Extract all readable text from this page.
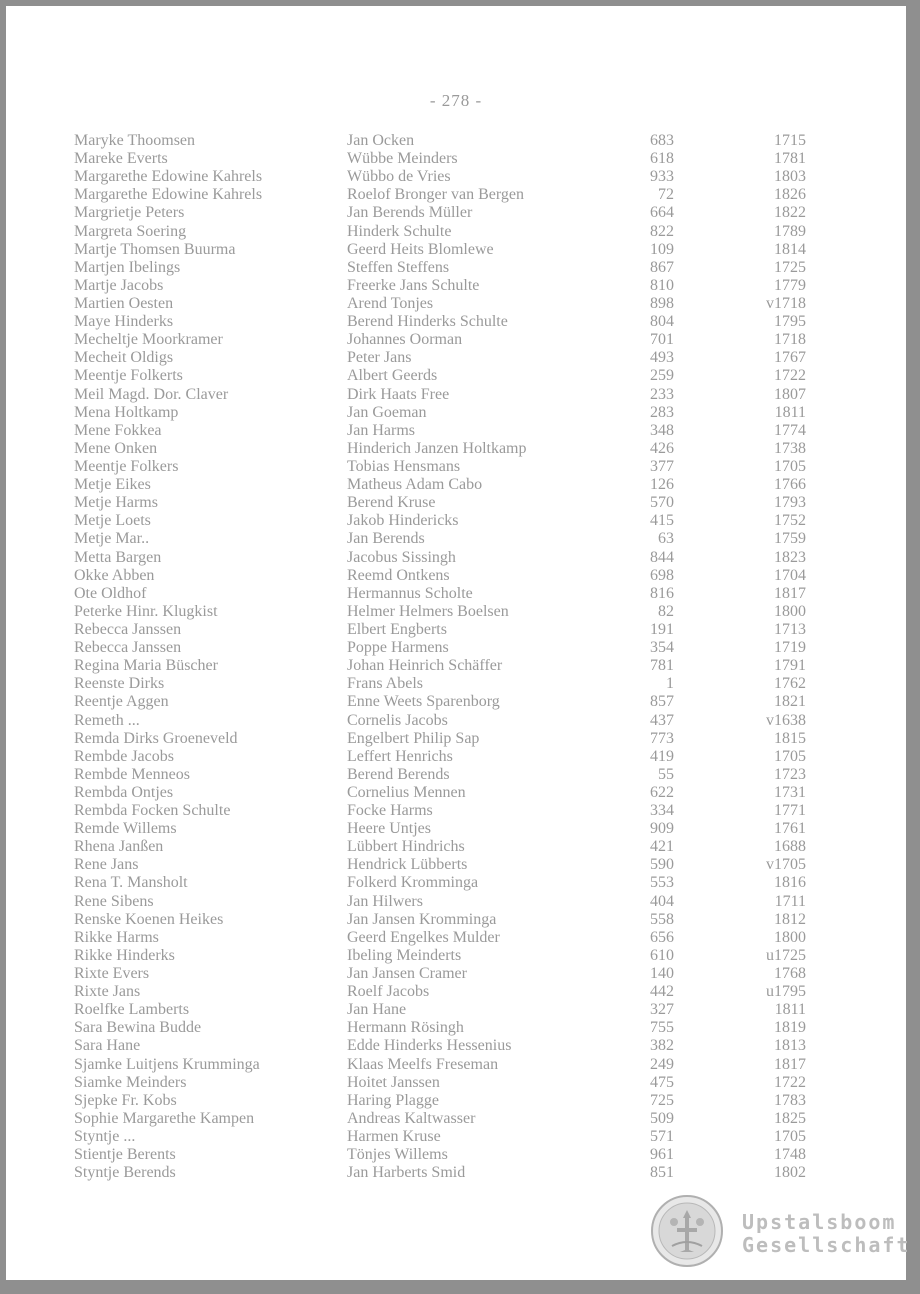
- 278 -
Maryke Thoomsen	Jan Ocken	683	1715
Mareke Everts	Wübbe Meinders	618	1781
Margarethe Edowine Kahrels	Wübbo de Vries	933	1803
Margarethe Edowine Kahrels	Roelof Bronger van Bergen	72	1826
Margrietje Peters	Jan Berends Müller	664	1822
Margreta Soering	Hinderk Schulte	822	1789
Martje Thomsen Buurma	Geerd Heits Blomlewe	109	1814
Martjen Ibelings	Steffen Steffens	867	1725
Martje Jacobs	Freerke Jans Schulte	810	1779
Martien Oesten	Arend Tonjes	898	v1718
Maye Hinderks	Berend Hinderks Schulte	804	1795
Mecheltje Moorkramer	Johannes Oorman	701	1718
Mecheit Oldigs	Peter Jans	493	1767
Meentje Folkerts	Albert Geerds	259	1722
Meil Magd. Dor. Claver	Dirk Haats Free	233	1807
Mena Holtkamp	Jan Goeman	283	1811
Mene Fokkea	Jan Harms	348	1774
Mene Onken	Hinderich Janzen Holtkamp	426	1738
Meentje Folkers	Tobias Hensmans	377	1705
Metje Eikes	Matheus Adam Cabo	126	1766
Metje Harms	Berend Kruse	570	1793
Metje Loets	Jakob Hindericks	415	1752
Metje Mar..	Jan Berends	63	1759
Metta Bargen	Jacobus Sissingh	844	1823
Okke Abben	Reemd Ontkens	698	1704
Ote Oldhof	Hermannus Scholte	816	1817
Peterke Hinr. Klugkist	Helmer Helmers Boelsen	82	1800
Rebecca Janssen	Elbert Engberts	191	1713
Rebecca Janssen	Poppe Harmens	354	1719
Regina Maria Büscher	Johan Heinrich Schäffer	781	1791
Reenste Dirks	Frans Abels	1	1762
Reentje Aggen	Enne Weets Sparenborg	857	1821
Remeth ...	Cornelis Jacobs	437	v1638
Remda Dirks Groeneveld	Engelbert Philip Sap	773	1815
Rembde Jacobs	Leffert Henrichs	419	1705
Rembde Menneos	Berend Berends	55	1723
Rembda Ontjes	Cornelius Mennen	622	1731
Rembda Focken Schulte	Focke Harms	334	1771
Remde Willems	Heere Untjes	909	1761
Rhena Janßen	Lübbert Hindrichs	421	1688
Rene Jans	Hendrick Lübberts	590	v1705
Rena T. Mansholt	Folkerd Kromminga	553	1816
Rene Sibens	Jan Hilwers	404	1711
Renske Koenen Heikes	Jan Jansen Kromminga	558	1812
Rikke Harms	Geerd Engelkes Mulder	656	1800
Rikke Hinderks	Ibeling Meinderts	610	u1725
Rixte Evers	Jan Jansen Cramer	140	1768
Rixte Jans	Roelf Jacobs	442	u1795
Roelfke Lamberts	Jan Hane	327	1811
Sara Bewina Budde	Hermann Rösingh	755	1819
Sara Hane	Edde Hinderks Hessenius	382	1813
Sjamke Luitjens Krumminga	Klaas Meelfs Freseman	249	1817
Siamke Meinders	Hoitet Janssen	475	1722
Sjepke Fr. Kobs	Haring Plagge	725	1783
Sophie Margarethe Kampen	Andreas Kaltwasser	509	1825
Styntje ...	Harmen Kruse	571	1705
Stientje Berents	Tönjes Willems	961	1748
Styntje Berends	Jan Harberts Smid	851	1802
Upstalsboom
Gesellschaft
